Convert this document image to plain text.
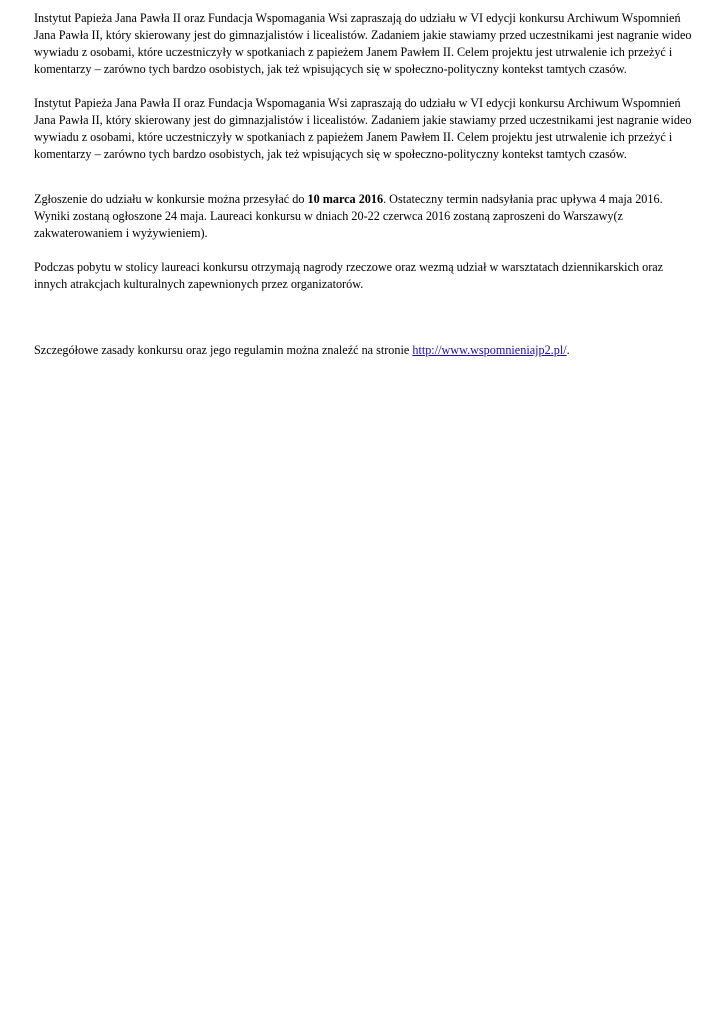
Instytut Papieża Jana Pawła II oraz Fundacja Wspomagania Wsi zapraszają do udziału w VI edycji konkursu Archiwum Wspomnień Jana Pawła II, który skierowany jest do gimnazjalistów i licealistów. Zadaniem jakie stawiamy przed uczestnikami jest nagranie wideo wywiadu z osobami, które uczestniczyły w spotkaniach z papieżem Janem Pawłem II. Celem projektu jest utrwalenie ich przeżyć i komentarzy – zarówno tych bardzo osobistych, jak też wpisujących się w społeczno-polityczny kontekst tamtych czasów.

Instytut Papieża Jana Pawła II oraz Fundacja Wspomagania Wsi zapraszają do udziału w VI edycji konkursu Archiwum Wspomnień Jana Pawła II, który skierowany jest do gimnazjalistów i licealistów. Zadaniem jakie stawiamy przed uczestnikami jest nagranie wideo wywiadu z osobami, które uczestniczyły w spotkaniach z papieżem Janem Pawłem II. Celem projektu jest utrwalenie ich przeżyć i komentarzy – zarówno tych bardzo osobistych, jak też wpisujących się w społeczno-polityczny kontekst tamtych czasów.

Zgłoszenie do udziału w konkursie można przesyłać do 10 marca 2016. Ostateczny termin nadsyłania prac upływa 4 maja 2016. Wyniki zostaną ogłoszone 24 maja. Laureaci konkursu w dniach 20-22 czerwca 2016 zostaną zaproszeni do Warszawy(z zakwaterowaniem i wyżywieniem).

Podczas pobytu w stolicy laureaci konkursu otrzymają nagrody rzeczowe oraz wezmą udział w warsztatach dziennikarskich oraz innych atrakcjach kulturalnych zapewnionych przez organizatorów.

Szczegółowe zasady konkursu oraz jego regulamin można znaleźć na stronie http://www.wspomnieniajp2.pl/.
